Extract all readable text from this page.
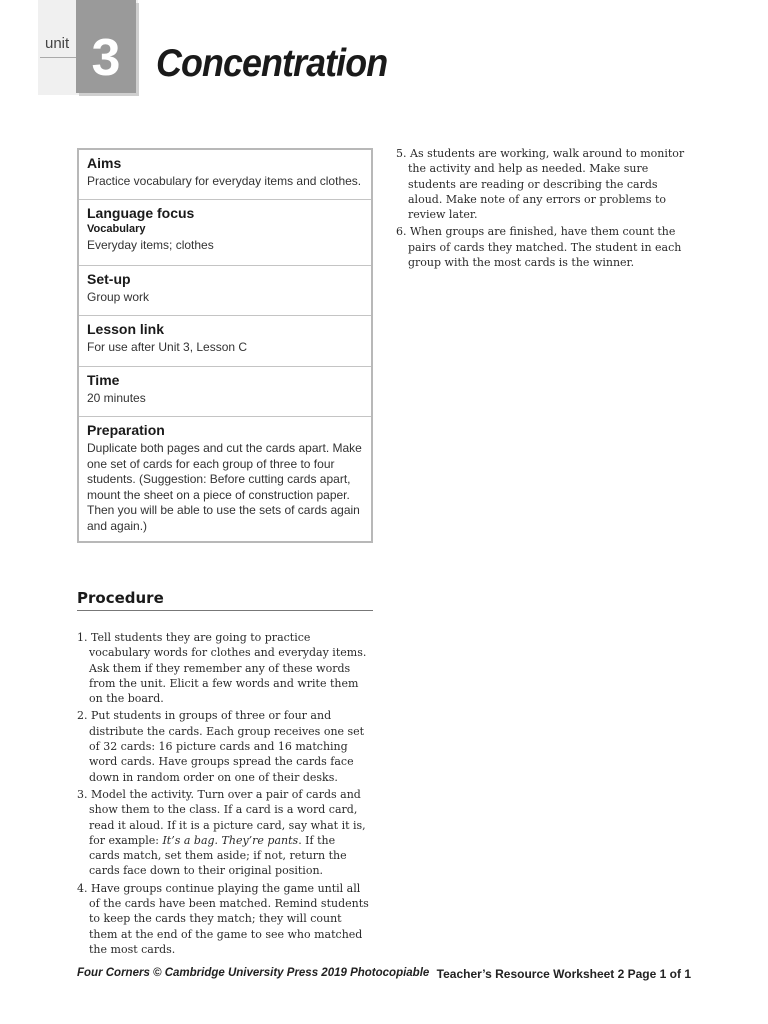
unit 3 Concentration
Aims
Practice vocabulary for everyday items and clothes.
Language focus
Vocabulary
Everyday items; clothes
Set-up
Group work
Lesson link
For use after Unit 3, Lesson C
Time
20 minutes
Preparation
Duplicate both pages and cut the cards apart. Make one set of cards for each group of three to four students. (Suggestion: Before cutting cards apart, mount the sheet on a piece of construction paper. Then you will be able to use the sets of cards again and again.)
Procedure
1. Tell students they are going to practice vocabulary words for clothes and everyday items. Ask them if they remember any of these words from the unit. Elicit a few words and write them on the board.
2. Put students in groups of three or four and distribute the cards. Each group receives one set of 32 cards: 16 picture cards and 16 matching word cards. Have groups spread the cards face down in random order on one of their desks.
3. Model the activity. Turn over a pair of cards and show them to the class. If a card is a word card, read it aloud. If it is a picture card, say what it is, for example: It’s a bag. They’re pants. If the cards match, set them aside; if not, return the cards face down to their original position.
4. Have groups continue playing the game until all of the cards have been matched. Remind students to keep the cards they match; they will count them at the end of the game to see who matched the most cards.
5. As students are working, walk around to monitor the activity and help as needed. Make sure students are reading or describing the cards aloud. Make note of any errors or problems to review later.
6. When groups are finished, have them count the pairs of cards they matched. The student in each group with the most cards is the winner.
Four Corners © Cambridge University Press 2019 Photocopiable Teacher’s Resource Worksheet 2 Page 1 of 1
